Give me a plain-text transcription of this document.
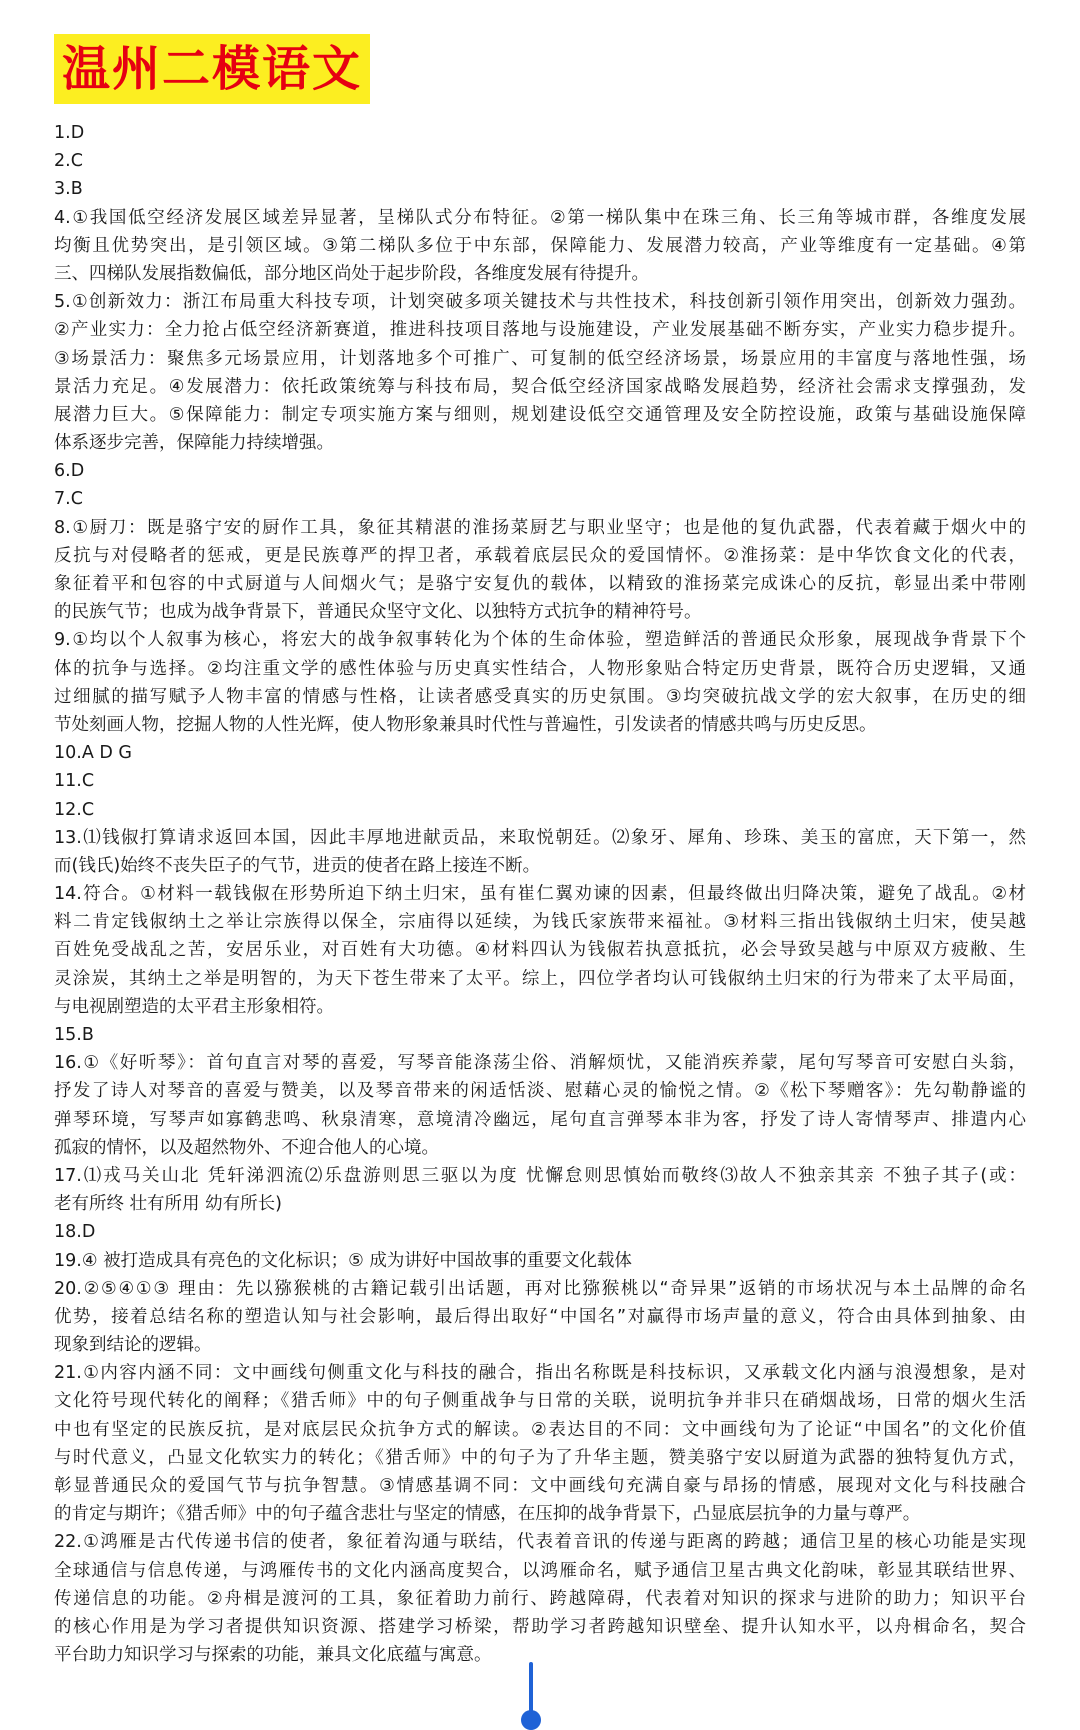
温州二模语文
1.D
2.C
3.B
4.①我国低空经济发展区域差异显著，呈梯队式分布特征。②第一梯队集中在珠三角、长三角等城市群，各维度发展
均衡且优势突出，是引领区域。③第二梯队多位于中东部，保障能力、发展潜力较高，产业等维度有一定基础。④第
三、四梯队发展指数偏低，部分地区尚处于起步阶段，各维度发展有待提升。
5.①创新效力：浙江布局重大科技专项，计划突破多项关键技术与共性技术，科技创新引领作用突出，创新效力强劲。
②产业实力：全力抢占低空经济新赛道，推进科技项目落地与设施建设，产业发展基础不断夯实，产业实力稳步提升。
③场景活力：聚焦多元场景应用，计划落地多个可推广、可复制的低空经济场景，场景应用的丰富度与落地性强，场
景活力充足。④发展潜力：依托政策统筹与科技布局，契合低空经济国家战略发展趋势，经济社会需求支撑强劲，发
展潜力巨大。⑤保障能力：制定专项实施方案与细则，规划建设低空交通管理及安全防控设施，政策与基础设施保障
体系逐步完善，保障能力持续增强。
6.D
7.C
8.①厨刀：既是骆宁安的厨作工具，象征其精湛的淮扬菜厨艺与职业坚守；也是他的复仇武器，代表着藏于烟火中的
反抗与对侵略者的惩戒，更是民族尊严的捍卫者，承载着底层民众的爱国情怀。②淮扬菜：是中华饮食文化的代表，
象征着平和包容的中式厨道与人间烟火气；是骆宁安复仇的载体，以精致的淮扬菜完成诛心的反抗，彰显出柔中带刚
的民族气节；也成为战争背景下，普通民众坚守文化、以独特方式抗争的精神符号。
9.①均以个人叙事为核心，将宏大的战争叙事转化为个体的生命体验，塑造鲜活的普通民众形象，展现战争背景下个
体的抗争与选择。②均注重文学的感性体验与历史真实性结合，人物形象贴合特定历史背景，既符合历史逻辑，又通
过细腻的描写赋予人物丰富的情感与性格，让读者感受真实的历史氛围。③均突破抗战文学的宏大叙事，在历史的细
节处刻画人物，挖掘人物的人性光辉，使人物形象兼具时代性与普遍性，引发读者的情感共鸣与历史反思。
10.A D G
11.C
12.C
13.⑴钱俶打算请求返回本国，因此丰厚地进献贡品，来取悦朝廷。⑵象牙、犀角、珍珠、美玉的富庶，天下第一，然
而(钱氏)始终不丧失臣子的气节，进贡的使者在路上接连不断。
14.符合。①材料一载钱俶在形势所迫下纳土归宋，虽有崔仁翼劝谏的因素，但最终做出归降决策，避免了战乱。②材
料二肯定钱俶纳土之举让宗族得以保全，宗庙得以延续，为钱氏家族带来福祉。③材料三指出钱俶纳土归宋，使吴越
百姓免受战乱之苦，安居乐业，对百姓有大功德。④材料四认为钱俶若执意抵抗，必会导致吴越与中原双方疲敝、生
灵涂炭，其纳土之举是明智的，为天下苍生带来了太平。综上，四位学者均认可钱俶纳土归宋的行为带来了太平局面，
与电视剧塑造的太平君主形象相符。
15.B
16.①《好听琴》：首句直言对琴的喜爱，写琴音能涤荡尘俗、消解烦忧，又能消疾养蒙，尾句写琴音可安慰白头翁，
抒发了诗人对琴音的喜爱与赞美，以及琴音带来的闲适恬淡、慰藉心灵的愉悦之情。②《松下琴赠客》：先勾勒静谧的
弹琴环境，写琴声如寡鹤悲鸣、秋泉清寒，意境清冷幽远，尾句直言弹琴本非为客，抒发了诗人寄情琴声、排遣内心
孤寂的情怀，以及超然物外、不迎合他人的心境。
17.⑴戎马关山北 凭轩涕泗流⑵乐盘游则思三驱以为度 忧懈怠则思慎始而敬终⑶故人不独亲其亲 不独子其子(或：
老有所终 壮有所用 幼有所长)
18.D
19.④ 被打造成具有亮色的文化标识；⑤ 成为讲好中国故事的重要文化载体
20.②⑤④①③ 理由：先以猕猴桃的古籍记载引出话题，再对比猕猴桃以“奇异果”返销的市场状况与本土品牌的命名
优势，接着总结名称的塑造认知与社会影响，最后得出取好“中国名”对赢得市场声量的意义，符合由具体到抽象、由
现象到结论的逻辑。
21.①内容内涵不同：文中画线句侧重文化与科技的融合，指出名称既是科技标识，又承载文化内涵与浪漫想象，是对
文化符号现代转化的阐释；《猎舌师》中的句子侧重战争与日常的关联，说明抗争并非只在硝烟战场，日常的烟火生活
中也有坚定的民族反抗，是对底层民众抗争方式的解读。②表达目的不同：文中画线句为了论证“中国名”的文化价值
与时代意义，凸显文化软实力的转化；《猎舌师》中的句子为了升华主题，赞美骆宁安以厨道为武器的独特复仇方式，
彰显普通民众的爱国气节与抗争智慧。③情感基调不同：文中画线句充满自豪与昂扬的情感，展现对文化与科技融合
的肯定与期许；《猎舌师》中的句子蕴含悲壮与坚定的情感，在压抑的战争背景下，凸显底层抗争的力量与尊严。
22.①鸿雁是古代传递书信的使者，象征着沟通与联结，代表着音讯的传递与距离的跨越；通信卫星的核心功能是实现
全球通信与信息传递，与鸿雁传书的文化内涵高度契合，以鸿雁命名，赋予通信卫星古典文化韵味，彰显其联结世界、
传递信息的功能。②舟楫是渡河的工具，象征着助力前行、跨越障碍，代表着对知识的探求与进阶的助力；知识平台
的核心作用是为学习者提供知识资源、搭建学习桥梁，帮助学习者跨越知识壁垒、提升认知水平，以舟楫命名，契合
平台助力知识学习与探索的功能，兼具文化底蕴与寓意。
